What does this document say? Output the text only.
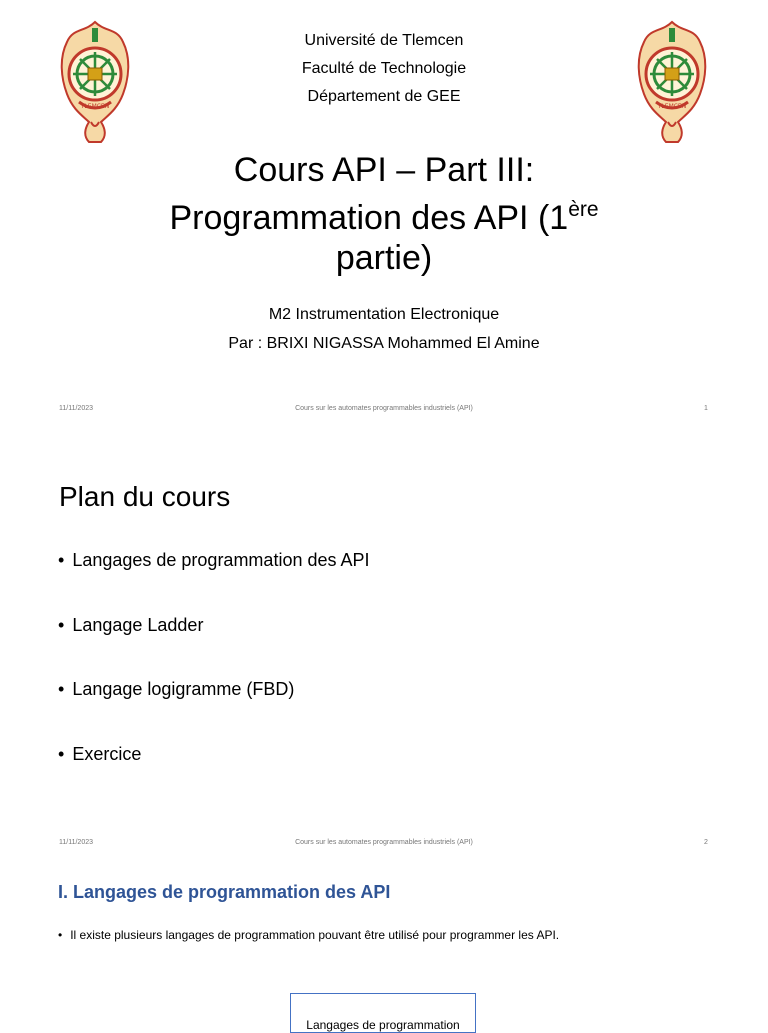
TLEMCEN	TLEMCEN
Université de Tlemcen
Faculté de Technologie
Département de GEE
Cours API – Part III:
Programmation des API (1ère
partie)
M2 Instrumentation Electronique
Par : BRIXI NIGASSA Mohammed El Amine
11/11/2023	Cours sur les automates programmables industriels (API)	1
Plan du cours
• Langages de programmation des API
• Langage Ladder
• Langage logigramme (FBD)
• Exercice
11/11/2023	Cours sur les automates programmables industriels (API)	2
I. Langages de programmation des API
• Il existe plusieurs langages de programmation pouvant être utilisé pour programmer les API.
Langages de programmation
